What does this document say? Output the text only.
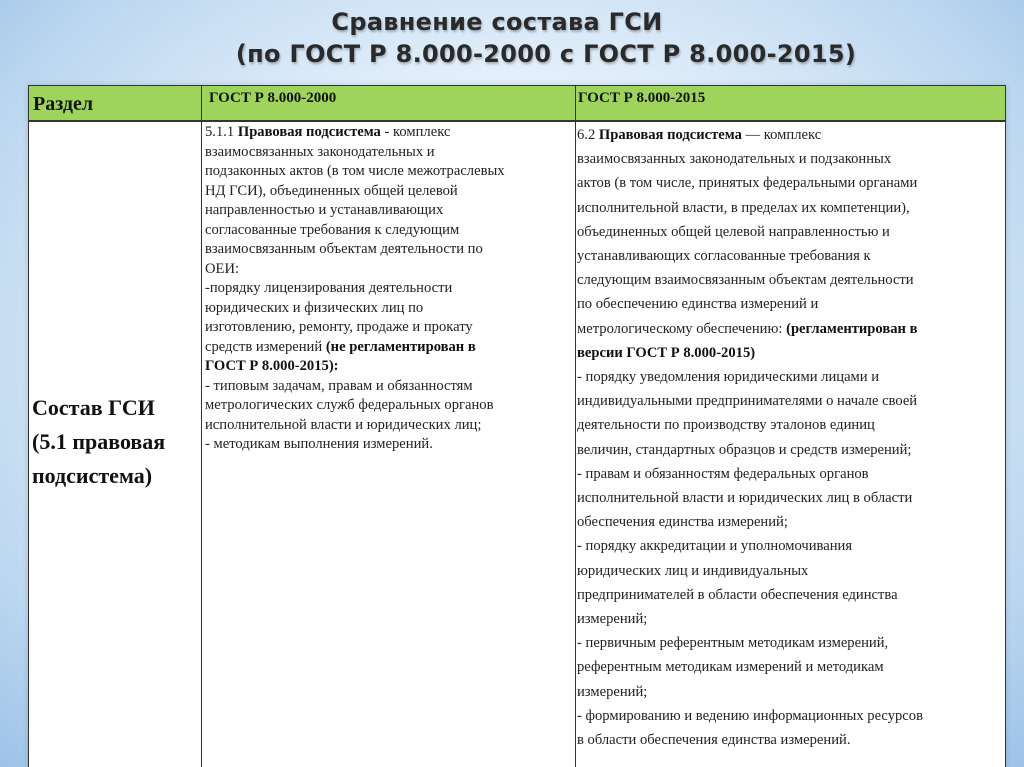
Сравнение состава ГСИ
(по ГОСТ Р 8.000-2000 с ГОСТ Р 8.000-2015)
Раздел	ГОСТ Р 8.000-2000	ГОСТ Р 8.000-2015
Состав ГСИ
(5.1 правовая
подсистема)
5.1.1 Правовая подсистема - комплекс
взаимосвязанных законодательных и
подзаконных актов (в том числе межотраслевых
НД ГСИ), объединенных общей целевой
направленностью и устанавливающих
согласованные требования к следующим
взаимосвязанным объектам деятельности по
ОЕИ:
-порядку лицензирования деятельности
юридических и физических лиц по
изготовлению, ремонту, продаже и прокату
средств измерений (не регламентирован в
ГОСТ Р 8.000-2015):
- типовым задачам, правам и обязанностям
метрологических служб федеральных органов
исполнительной власти и юридических лиц;
- методикам выполнения измерений.
6.2 Правовая подсистема — комплекс
взаимосвязанных законодательных и подзаконных
актов (в том числе, принятых федеральными органами
исполнительной власти, в пределах их компетенции),
объединенных общей целевой направленностью и
устанавливающих согласованные требования к
следующим взаимосвязанным объектам деятельности
по обеспечению единства измерений и
метрологическому обеспечению: (регламентирован в
версии ГОСТ Р 8.000-2015)
- порядку уведомления юридическими лицами и
индивидуальными предпринимателями о начале своей
деятельности по производству эталонов единиц
величин, стандартных образцов и средств измерений;
- правам и обязанностям федеральных органов
исполнительной власти и юридических лиц в области
обеспечения единства измерений;
- порядку аккредитации и уполномочивания
юридических лиц и индивидуальных
предпринимателей в области обеспечения единства
измерений;
- первичным референтным методикам измерений,
референтным методикам измерений и методикам
измерений;
- формированию и ведению информационных ресурсов
в области обеспечения единства измерений.
